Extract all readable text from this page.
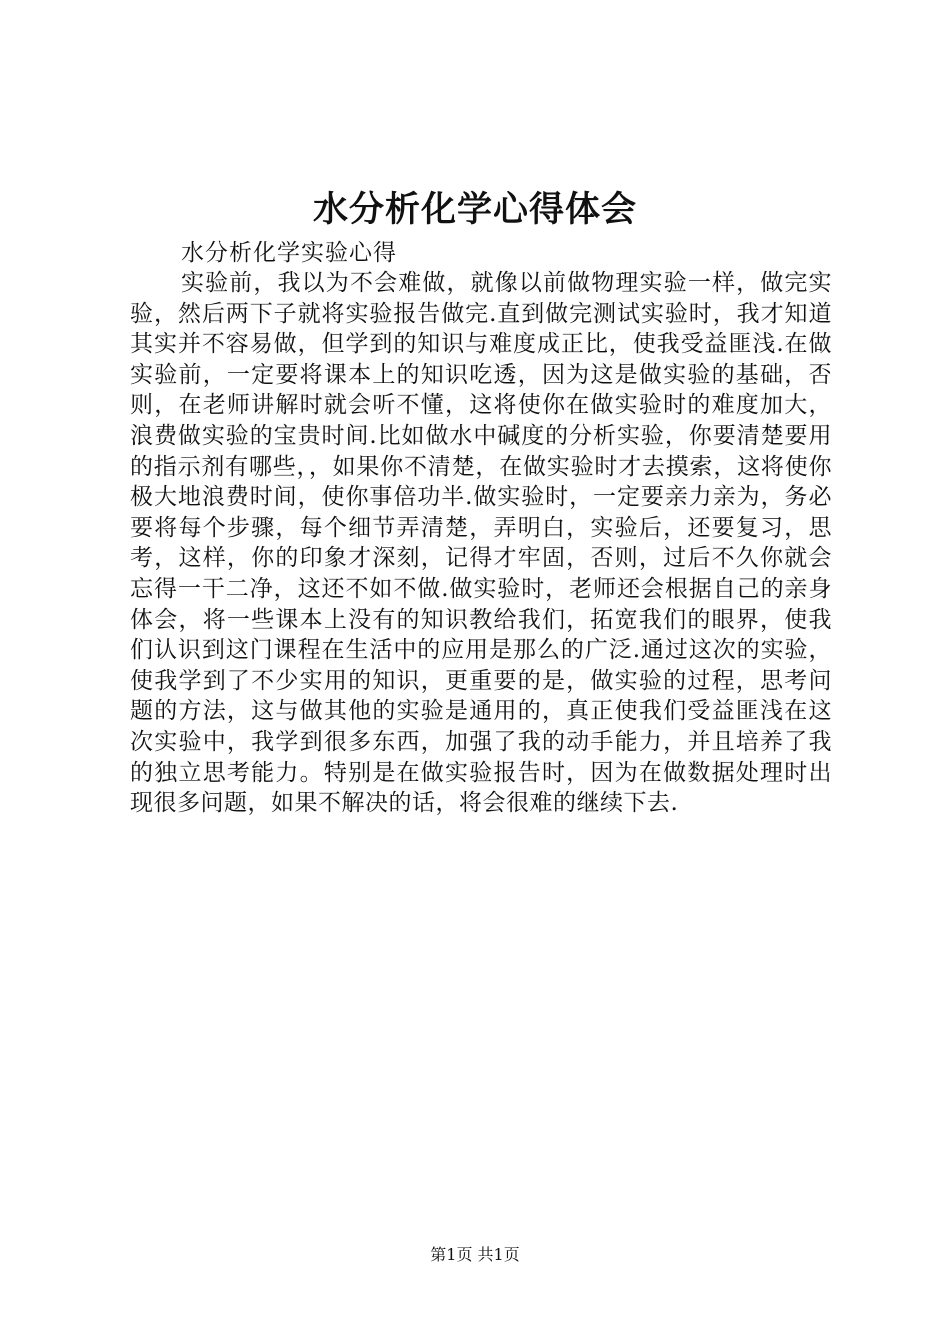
水分析化学心得体会
水分析化学实验心得

实验前，我以为不会难做，就像以前做物理实验一样，做完实验，然后两下子就将实验报告做完.直到做完测试实验时，我才知道其实并不容易做，但学到的知识与难度成正比，使我受益匪浅.在做实验前，一定要将课本上的知识吃透，因为这是做实验的基础，否则，在老师讲解时就会听不懂，这将使你在做实验时的难度加大，浪费做实验的宝贵时间.比如做水中碱度的分析实验，你要清楚要用的指示剂有哪些，，如果你不清楚，在做实验时才去摸索，这将使你极大地浪费时间，使你事倍功半.做实验时，一定要亲力亲为，务必要将每个步骤，每个细节弄清楚，弄明白，实验后，还要复习，思考，这样，你的印象才深刻，记得才牢固，否则，过后不久你就会忘得一干二净，这还不如不做.做实验时，老师还会根据自己的亲身体会，将一些课本上没有的知识教给我们，拓宽我们的眼界，使我们认识到这门课程在生活中的应用是那么的广泛.通过这次的实验，使我学到了不少实用的知识，更重要的是，做实验的过程，思考问题的方法，这与做其他的实验是通用的，真正使我们受益匪浅在这次实验中，我学到很多东西，加强了我的动手能力，并且培养了我的独立思考能力。特别是在做实验报告时，因为在做数据处理时出现很多问题，如果不解决的话，将会很难的继续下去.

第1页 共1页
